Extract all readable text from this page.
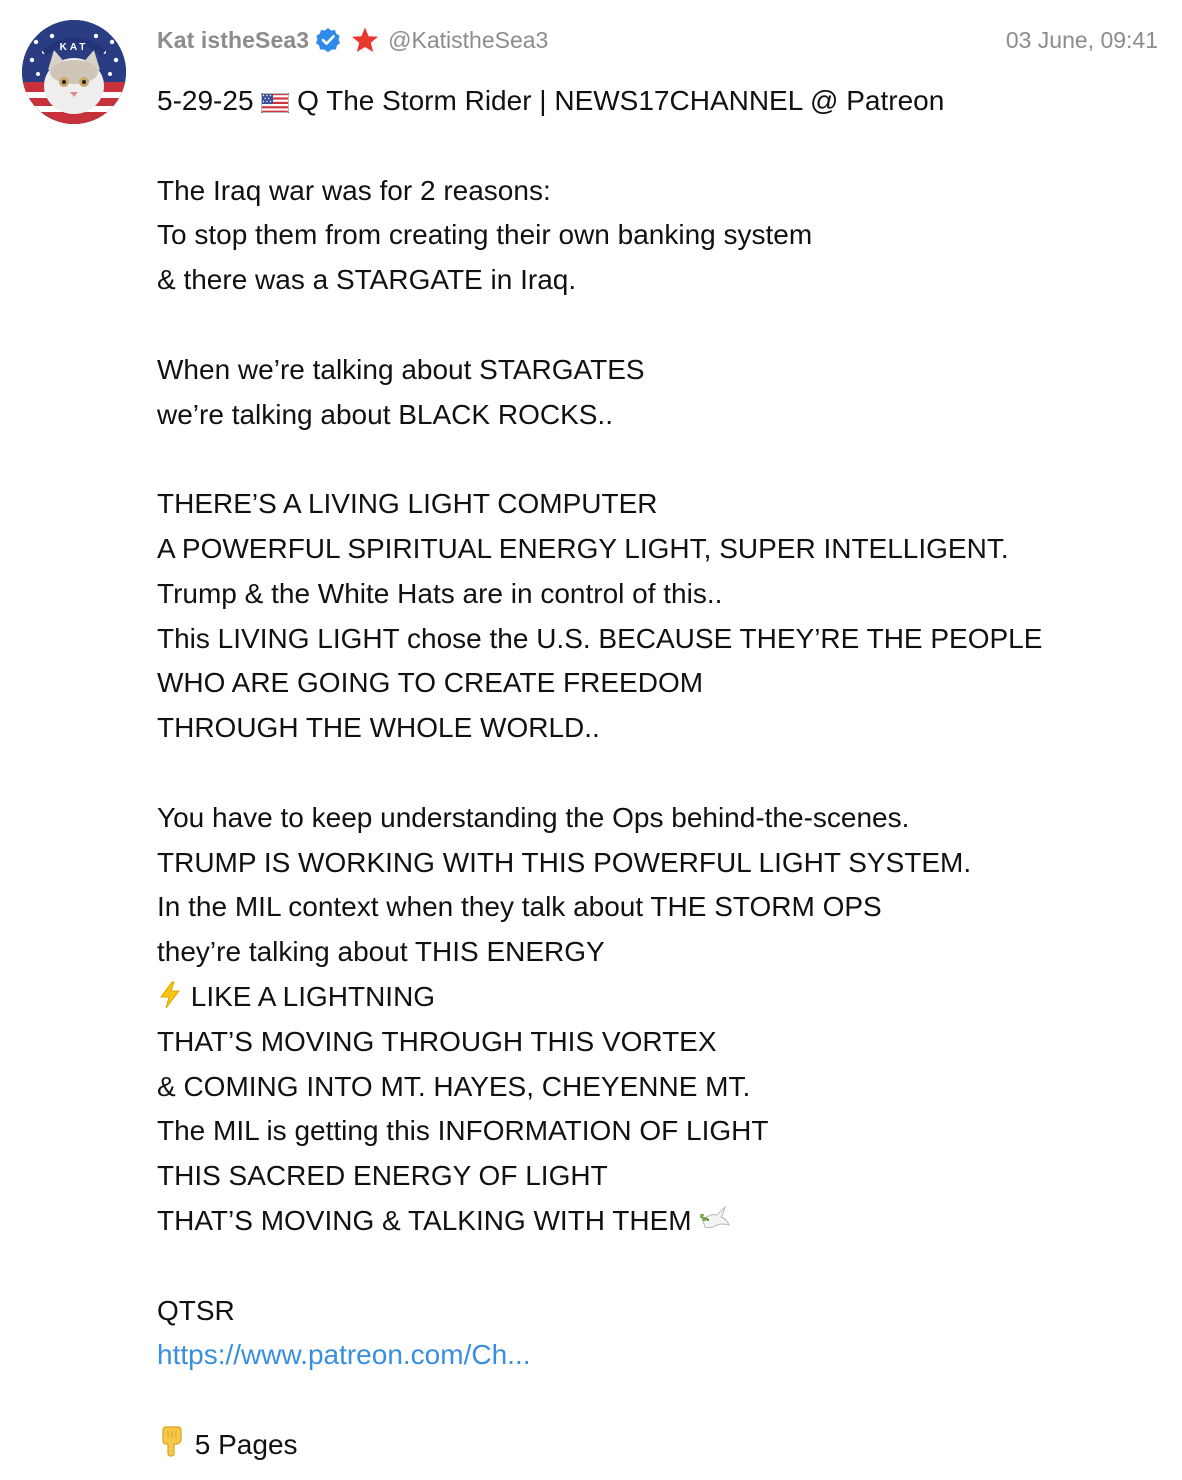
KAT	Kat istheSea3	@KatistheSea3	03 June, 09:41
5-29-25 Q The Storm Rider | NEWS17CHANNEL @ Patreon
The Iraq war was for 2 reasons:
To stop them from creating their own banking system
& there was a STARGATE in Iraq.
When we’re talking about STARGATES
we’re talking about BLACK ROCKS..
THERE’S A LIVING LIGHT COMPUTER
A POWERFUL SPIRITUAL ENERGY LIGHT, SUPER INTELLIGENT.
Trump & the White Hats are in control of this..
This LIVING LIGHT chose the U.S. BECAUSE THEY’RE THE PEOPLE
WHO ARE GOING TO CREATE FREEDOM
THROUGH THE WHOLE WORLD..
You have to keep understanding the Ops behind-the-scenes.
TRUMP IS WORKING WITH THIS POWERFUL LIGHT SYSTEM.
In the MIL context when they talk about THE STORM OPS
they’re talking about THIS ENERGY
LIKE A LIGHTNING
THAT’S MOVING THROUGH THIS VORTEX
& COMING INTO MT. HAYES, CHEYENNE MT.
The MIL is getting this INFORMATION OF LIGHT
THIS SACRED ENERGY OF LIGHT
THAT’S MOVING & TALKING WITH THEM
QTSR
https://www.patreon.com/Ch...
5 Pages
